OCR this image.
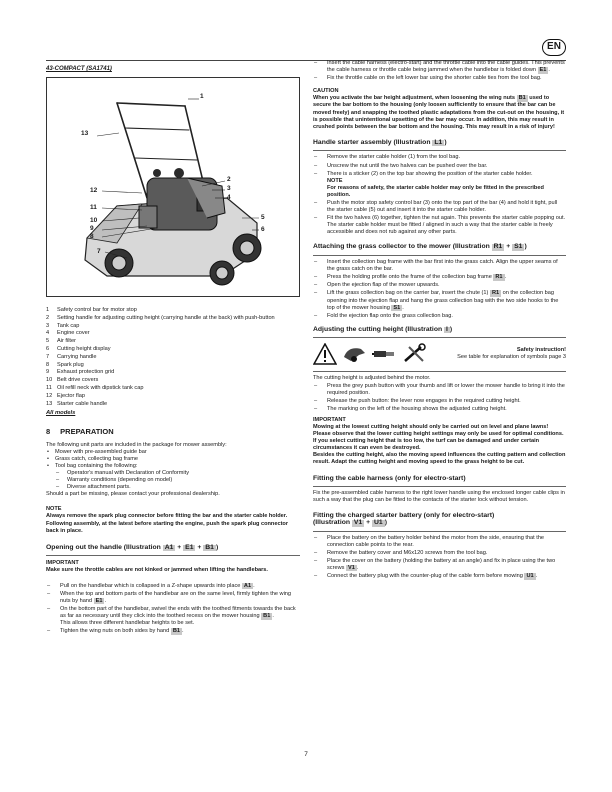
EN
43-COMPACT (SA1741)
1
13
2
3
4
12
11
10
9
8
7
5
6
1	Safety control bar for motor stop
2	Setting handle for adjusting cutting height (carrying handle at the back) with push-button
3	Tank cap
4	Engine cover
5	Air filter
6	Cutting height display
7	Carrying handle
8	Spark plug
9	Exhaust protection grid
10 Belt drive covers
11 Oil refill neck with dipstick tank cap
12 Ejector flap
13 Starter cable handle
All models
8 PREPARATION

The following unit parts are included in the package for mower assembly:

• Mower with pre-assembled guide bar
• Grass catch, collecting bag frame
• Tool bag containing the following:
– Operator's manual with Declaration of Conformity
– Warranty conditions (depending on model)
– Diverse attachment parts.

Should a part be missing, please contact your professional dealership.

NOTE

Always remove the spark plug connector before fitting the bar and the starter cable holder. Following assembly, at the latest before starting the engine, push the spark plug connector back in place.

Opening out the handle (Illustration A1 + E1 + B1 )
IMPORTANT

Make sure the throttle cables are not kinked or jammed when lifting the handlebars.

– Pull on the handlebar which is collapsed in a Z-shape upwards into place A1 .
– When the top and bottom parts of the handlebar are on the same level, firmly tighten the wing nuts by hand E1 .
– On the bottom part of the handlebar, swivel the ends with the toothed fitments towards the back as far as necessary until they click into the toothed recess on the mower housing B1 .
This allows three different handlebar heights to be set.
– Tighten the wing nuts on both sides by hand B1 .
– Insert the cable harness (electro-start) and the throttle cable into the cable guides. This prevents the cable harness or throttle cable being jammed when the handlebar is folded down E1 .
– Fix the throttle cable on the left lower bar using the shorter cable ties from the tool bag.
CAUTION

When you activate the bar height adjustment, when loosening the wing nuts B1 used to secure the bar bottom to the housing (only loosen sufficiently to ensure that the bar can be moved freely) and snapping the toothed plastic adaptations from the cut-out on the housing, it is possible that unintentional upsetting of the bar may occur. In addition, this may result in crushed points between the bar bottom and the housing. This may result in a risk of injury!

Handle starter assembly (Illustration L1 )
– Remove the starter cable holder (1) from the tool bag.
– Unscrew the nut until the two halves can be pushed over the bar.
– There is a sticker (2) on the top bar showing the position of the starter cable holder.
NOTE
For reasons of safety, the starter cable holder may only be fitted in the prescribed position.
– Push the motor stop safety control bar (3) onto the top part of the bar (4) and hold it tight, pull the starter cable (5) out and insert it into the starter cable holder.
– Fit the two halves (6) together, tighten the nut again. This prevents the starter cable popping out.
The starter cable holder must be fitted / aligned in such a way that the starter cable is freely accessible and does not rub against any other parts.
Attaching the grass collector to the mower (Illustration R1 + S1 )
– Insert the collection bag frame with the bar first into the grass catch. Align the upper seams of the grass catch on the bar.
– Press the holding profile onto the frame of the collection bag frame R1 .
– Open the ejection flap of the mower upwards.
– Lift the grass collection bag on the carrier bar, insert the chute (1) R1 on the collection bag opening into the ejection flap and hang the grass collection bag with the two side hooks to the top of the mower housing S1 .
– Fold the ejection flap onto the grass collection bag.
Adjusting the cutting height (Illustration I )
Safety instruction!
See table for explanation of symbols page 3

The cutting height is adjusted behind the motor.

– Press the grey push button with your thumb and lift or lower the mower handle to bring it into the required position.
– Release the push button: the lever now engages in the required cutting height.
– The marking on the left of the housing shows the adjusted cutting height.
IMPORTANT

Mowing at the lowest cutting height should only be carried out on level and plane lawns!

Please observe that the lower cutting height settings may only be used for optimal conditions. If you select cutting height that is too low, the turf can be damaged and under certain circumstances it can even be destroyed.

Besides the cutting height, also the moving speed influences the cutting pattern and collection result. Adapt the cutting height and moving speed to the grass height to be cut.

Fitting the cable harness (only for electro-start)

Fix the pre-assembled cable harness to the right lower handle using the enclosed longer cable clips in such a way that the plug can be fitted to the contacts of the starter lock without tension.

Fitting the charged starter battery (only for electro-start)
(Illustration V1 + U1 )
– Place the battery on the battery holder behind the motor from the side, ensuring that the connection cable points to the rear.
– Remove the battery cover and M6x120 screws from the tool bag.
– Place the cover on the battery (holding the battery at an angle) and fix in place using the two screws V1 .
– Connect the battery plug with the counter-plug of the cable form before mowing U1 .
7
